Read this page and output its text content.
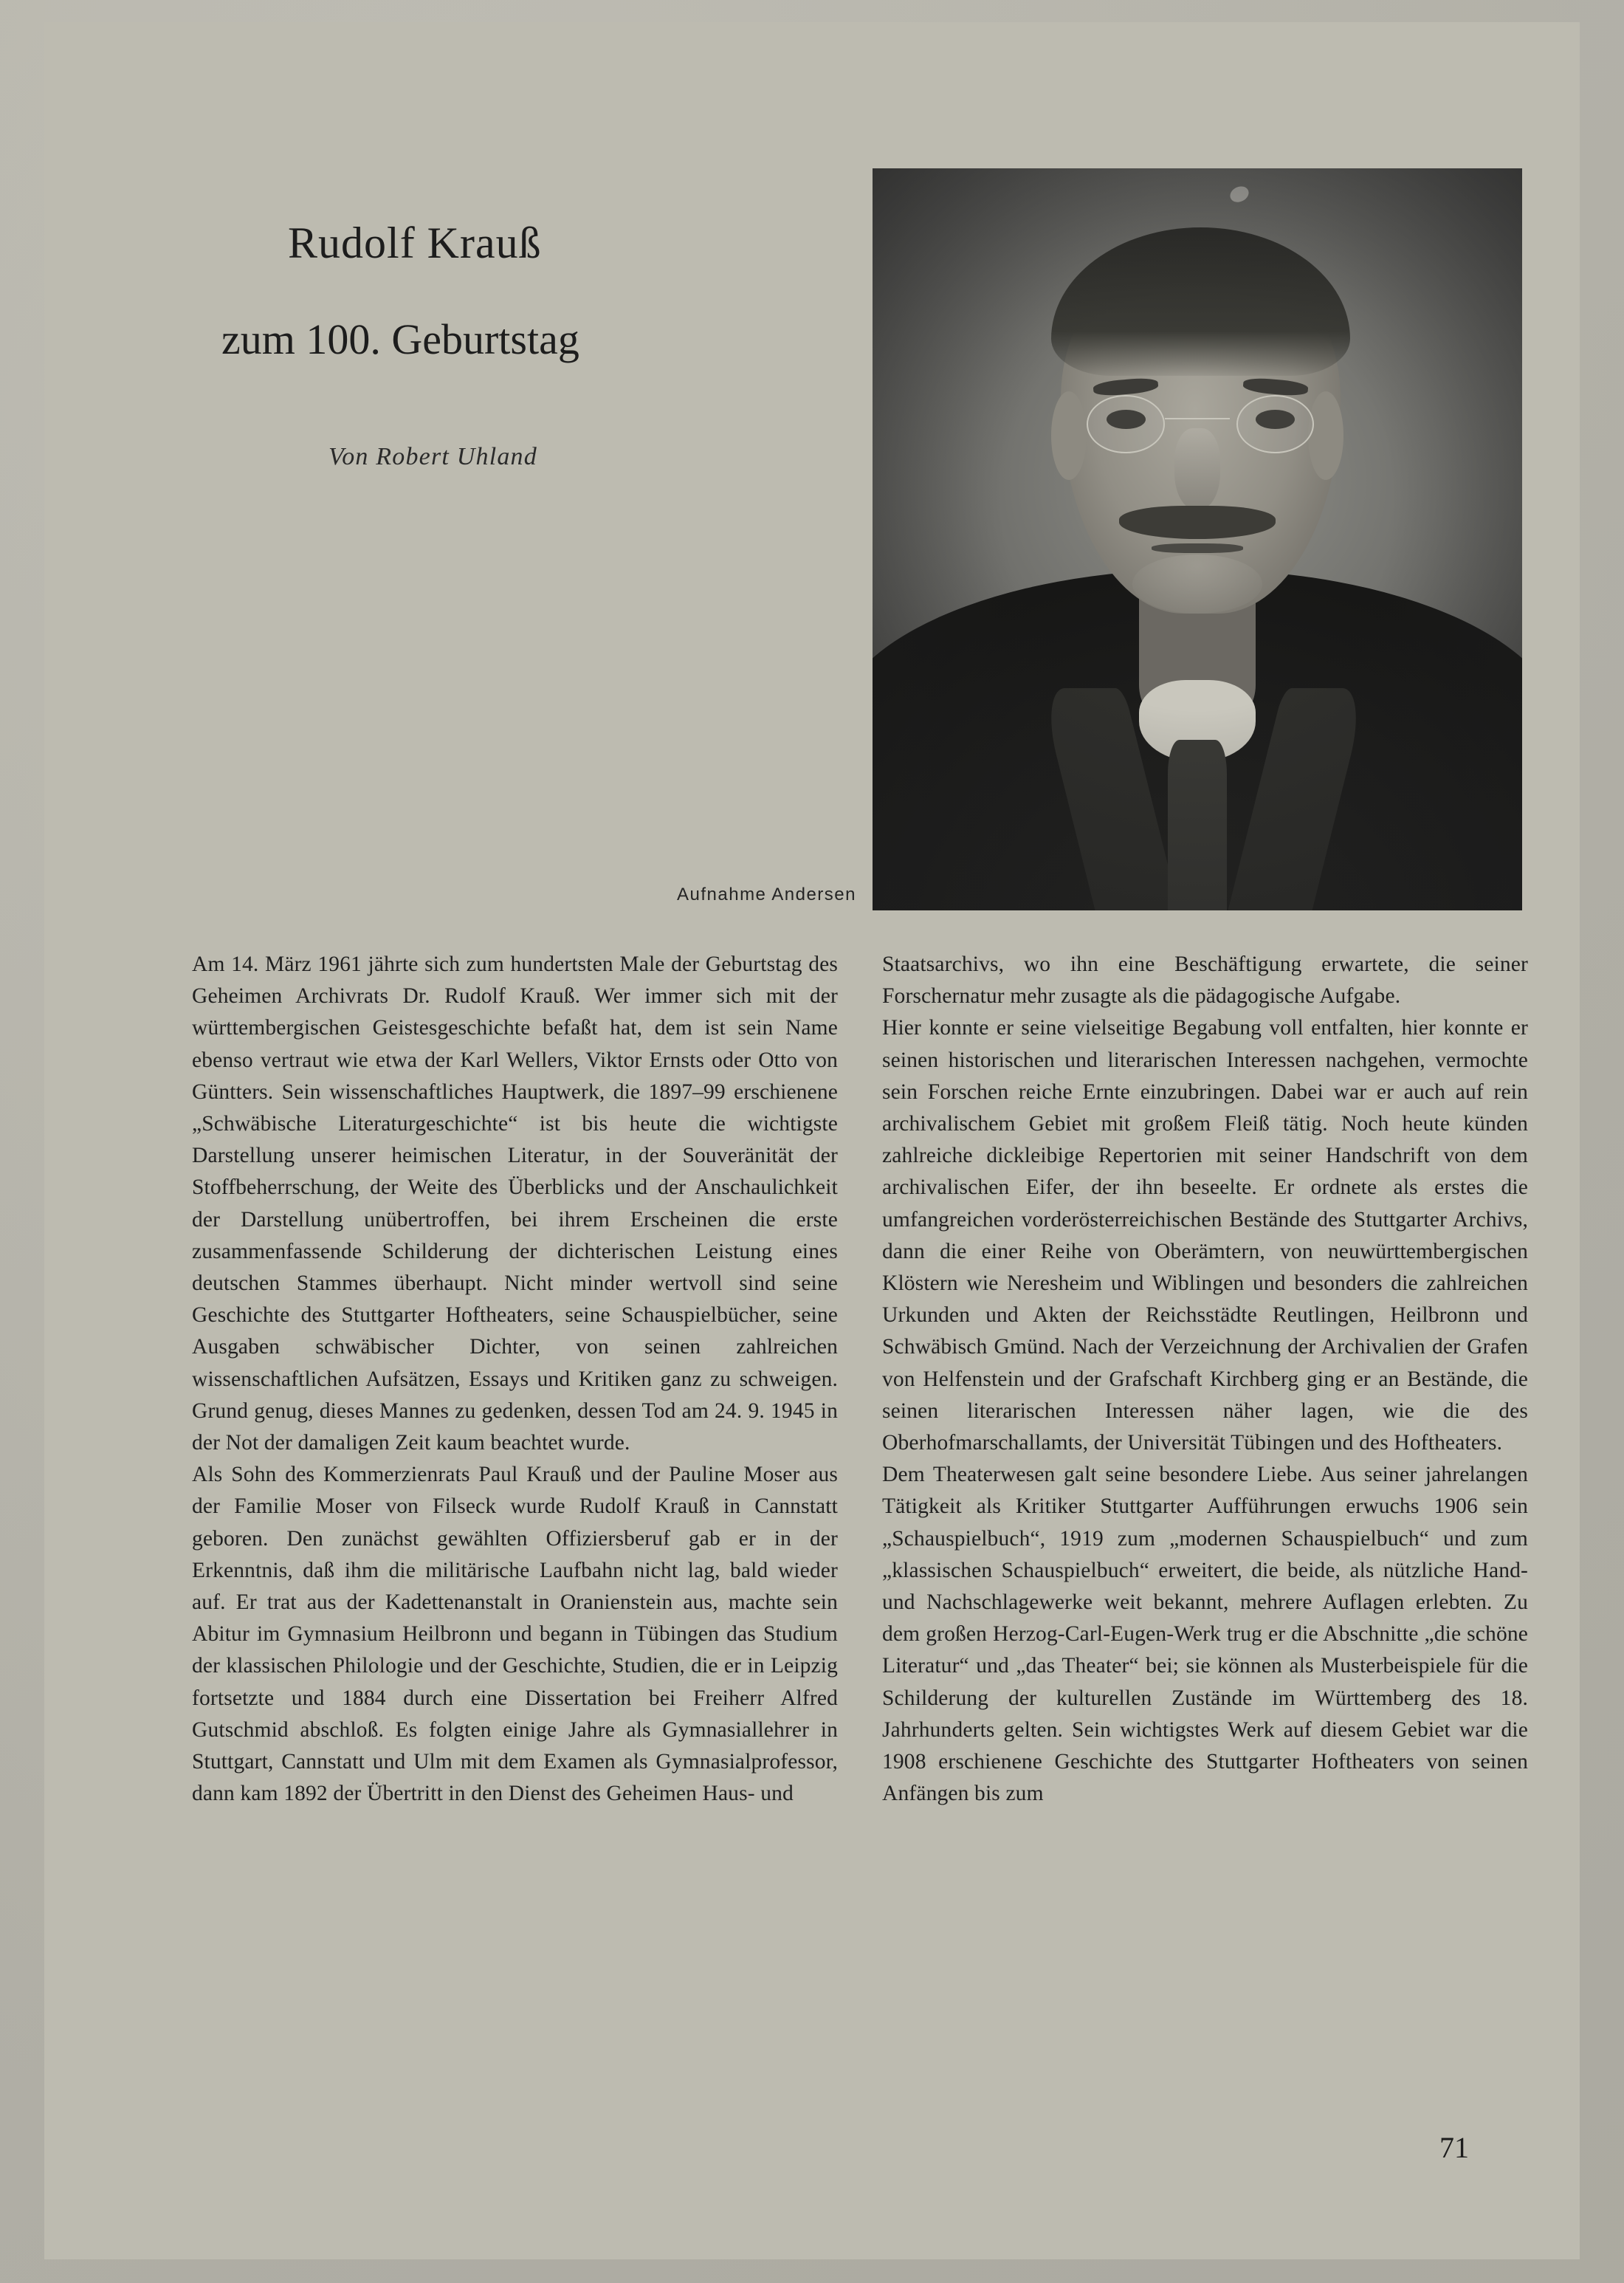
Rudolf Krauß
zum 100. Geburtstag
Von Robert Uhland
Aufnahme Andersen

Am 14. März 1961 jährte sich zum hundertsten Male der Geburtstag des Geheimen Archivrats Dr. Rudolf Krauß. Wer immer sich mit der württembergischen Geistesgeschichte befaßt hat, dem ist sein Name ebenso vertraut wie etwa der Karl Wellers, Viktor Ernsts oder Otto von Güntters. Sein wissenschaftliches Hauptwerk, die 1897–99 erschienene „Schwäbische Literaturgeschichte“ ist bis heute die wichtigste Darstellung unserer heimischen Literatur, in der Souveränität der Stoffbeherrschung, der Weite des Überblicks und der Anschaulichkeit der Darstellung unübertroffen, bei ihrem Erscheinen die erste zusammenfassende Schilderung der dichterischen Leistung eines deutschen Stammes überhaupt. Nicht minder wertvoll sind seine Geschichte des Stuttgarter Hoftheaters, seine Schauspielbücher, seine Ausgaben schwäbischer Dichter, von seinen zahlreichen wissenschaftlichen Aufsätzen, Essays und Kritiken ganz zu schweigen. Grund genug, dieses Mannes zu gedenken, dessen Tod am 24. 9. 1945 in der Not der damaligen Zeit kaum beachtet wurde.

Als Sohn des Kommerzienrats Paul Krauß und der Pauline Moser aus der Familie Moser von Filseck wurde Rudolf Krauß in Cannstatt geboren. Den zunächst gewählten Offiziersberuf gab er in der Erkenntnis, daß ihm die militärische Laufbahn nicht lag, bald wieder auf. Er trat aus der Kadettenanstalt in Oranienstein aus, machte sein Abitur im Gymnasium Heilbronn und begann in Tübingen das Studium der klassischen Philologie und der Geschichte, Studien, die er in Leipzig fortsetzte und 1884 durch eine Dissertation bei Freiherr Alfred Gutschmid abschloß. Es folgten einige Jahre als Gymnasiallehrer in Stuttgart, Cannstatt und Ulm mit dem Examen als Gymnasialprofessor, dann kam 1892 der Übertritt in den Dienst des Geheimen Haus- und

Staatsarchivs, wo ihn eine Beschäftigung erwartete, die seiner Forschernatur mehr zusagte als die pädagogische Aufgabe.

Hier konnte er seine vielseitige Begabung voll entfalten, hier konnte er seinen historischen und literarischen Interessen nachgehen, vermochte sein Forschen reiche Ernte einzubringen. Dabei war er auch auf rein archivalischem Gebiet mit großem Fleiß tätig. Noch heute künden zahlreiche dickleibige Repertorien mit seiner Handschrift von dem archivalischen Eifer, der ihn beseelte. Er ordnete als erstes die umfangreichen vorderösterreichischen Bestände des Stuttgarter Archivs, dann die einer Reihe von Oberämtern, von neuwürttembergischen Klöstern wie Neresheim und Wiblingen und besonders die zahlreichen Urkunden und Akten der Reichsstädte Reutlingen, Heilbronn und Schwäbisch Gmünd. Nach der Verzeichnung der Archivalien der Grafen von Helfenstein und der Grafschaft Kirchberg ging er an Bestände, die seinen literarischen Interessen näher lagen, wie die des Oberhofmarschallamts, der Universität Tübingen und des Hoftheaters.

Dem Theaterwesen galt seine besondere Liebe. Aus seiner jahrelangen Tätigkeit als Kritiker Stuttgarter Aufführungen erwuchs 1906 sein „Schauspielbuch“, 1919 zum „modernen Schauspielbuch“ und zum „klassischen Schauspielbuch“ erweitert, die beide, als nützliche Hand- und Nachschlagewerke weit bekannt, mehrere Auflagen erlebten. Zu dem großen Herzog-Carl-Eugen-Werk trug er die Abschnitte „die schöne Literatur“ und „das Theater“ bei; sie können als Musterbeispiele für die Schilderung der kulturellen Zustände im Württemberg des 18. Jahrhunderts gelten. Sein wichtigstes Werk auf diesem Gebiet war die 1908 erschienene Geschichte des Stuttgarter Hoftheaters von seinen Anfängen bis zum

71
